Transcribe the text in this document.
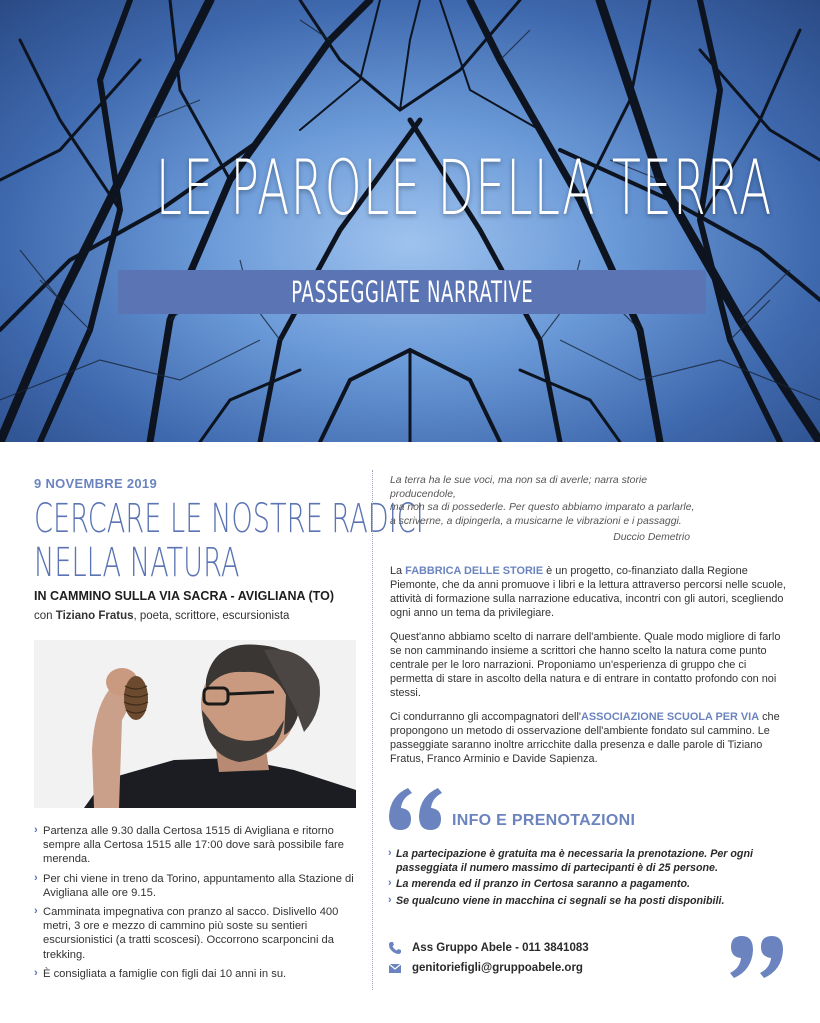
LE PAROLE DELLA TERRA
PASSEGGIATE NARRATIVE
9 NOVEMBRE 2019
CERCARE LE NOSTRE RADICI
NELLA NATURA
IN CAMMINO SULLA VIA SACRA - AVIGLIANA (TO)
con Tiziano Fratus, poeta, scrittore, escursionista
› Partenza alle 9.30 dalla Certosa 1515 di Avigliana e ritorno sempre alla Certosa 1515 alle 17:00 dove sarà possibile fare merenda.
› Per chi viene in treno da Torino, appuntamento alla Stazione di Avigliana alle ore 9.15.
› Camminata impegnativa con pranzo al sacco. Dislivello 400 metri, 3 ore e mezzo di cammino più soste su sentieri escursionistici (a tratti scoscesi). Occorrono scarponcini da trekking.
› È consigliata a famiglie con figli dai 10 anni in su.
La terra ha le sue voci, ma non sa di averle; narra storie producendole,
ma non sa di possederle. Per questo abbiamo imparato a parlarle,
a scriverne, a dipingerla, a musicarne le vibrazioni e i passaggi.
Duccio Demetrio

La FABBRICA DELLE STORIE è un progetto, co-finanziato dalla Regione Piemonte, che da anni promuove i libri e la lettura attraverso percorsi nelle scuole, attività di formazione sulla narrazione educativa, incontri con gli autori, scegliendo ogni anno un tema da privilegiare.

Quest'anno abbiamo scelto di narrare dell'ambiente. Quale modo migliore di farlo se non camminando insieme a scrittori che hanno scelto la natura come punto centrale per le loro narrazioni. Proponiamo un'esperienza di gruppo che ci permetta di stare in ascolto della natura e di entrare in contatto profondo con noi stessi.

Ci condurranno gli accompagnatori dell'ASSOCIAZIONE SCUOLA PER VIA che propongono un metodo di osservazione dell'ambiente fondato sul cammino. Le passeggiate saranno inoltre arricchite dalla presenza e dalle parole di Tiziano Fratus, Franco Arminio e Davide Sapienza.

INFO E PRENOTAZIONI
› La partecipazione è gratuita ma è necessaria la prenotazione. Per ogni passeggiata il numero massimo di partecipanti è di 25 persone.
› La merenda ed il pranzo in Certosa saranno a pagamento.
› Se qualcuno viene in macchina ci segnali se ha posti disponibili.
Ass Gruppo Abele - 011 3841083
genitoriefigli@gruppoabele.org
